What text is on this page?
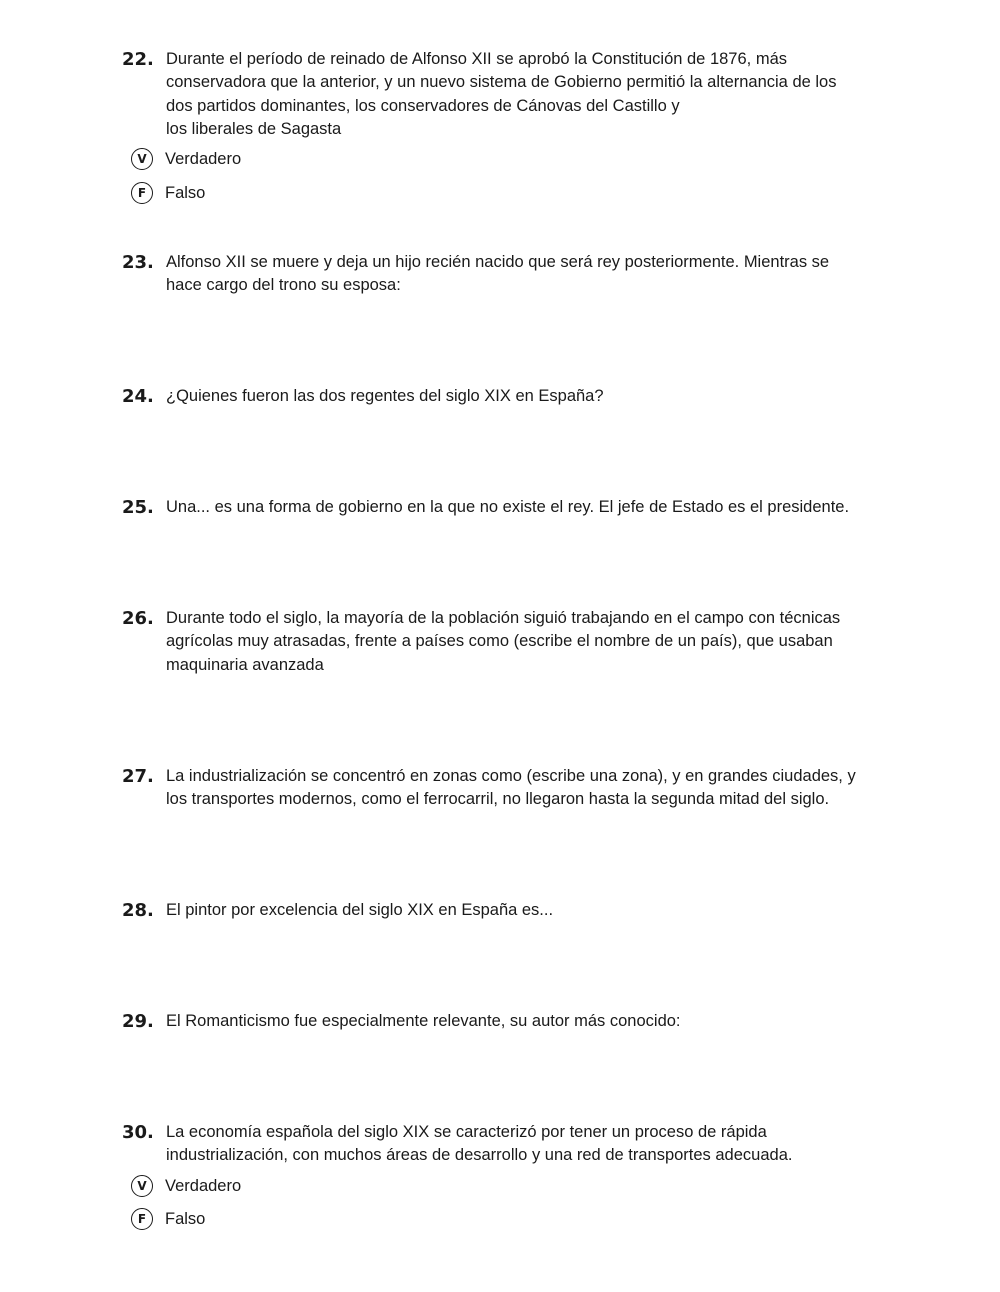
22. Durante el período de reinado de Alfonso XII se aprobó la Constitución de 1876, más
conservadora que la anterior, y un nuevo sistema de Gobierno permitió la alternancia de los
dos partidos dominantes, los conservadores de Cánovas del Castillo y
los liberales de Sagasta
V	Verdadero
F	Falso
23. Alfonso XII se muere y deja un hijo recién nacido que será rey posteriormente. Mientras se
hace cargo del trono su esposa:
24. ¿Quienes fueron las dos regentes del siglo XIX en España?
25. Una... es una forma de gobierno en la que no existe el rey. El jefe de Estado es el presidente.
26. Durante todo el siglo, la mayoría de la población siguió trabajando en el campo con técnicas
agrícolas muy atrasadas, frente a países como (escribe el nombre de un país), que usaban
maquinaria avanzada
27. La industrialización se concentró en zonas como (escribe una zona), y en grandes ciudades, y
los transportes modernos, como el ferrocarril, no llegaron hasta la segunda mitad del siglo.
28. El pintor por excelencia del siglo XIX en España es...
29. El Romanticismo fue especialmente relevante, su autor más conocido:
30. La economía española del siglo XIX se caracterizó por tener un proceso de rápida
industrialización, con muchos áreas de desarrollo y una red de transportes adecuada.
V	Verdadero
F	Falso
